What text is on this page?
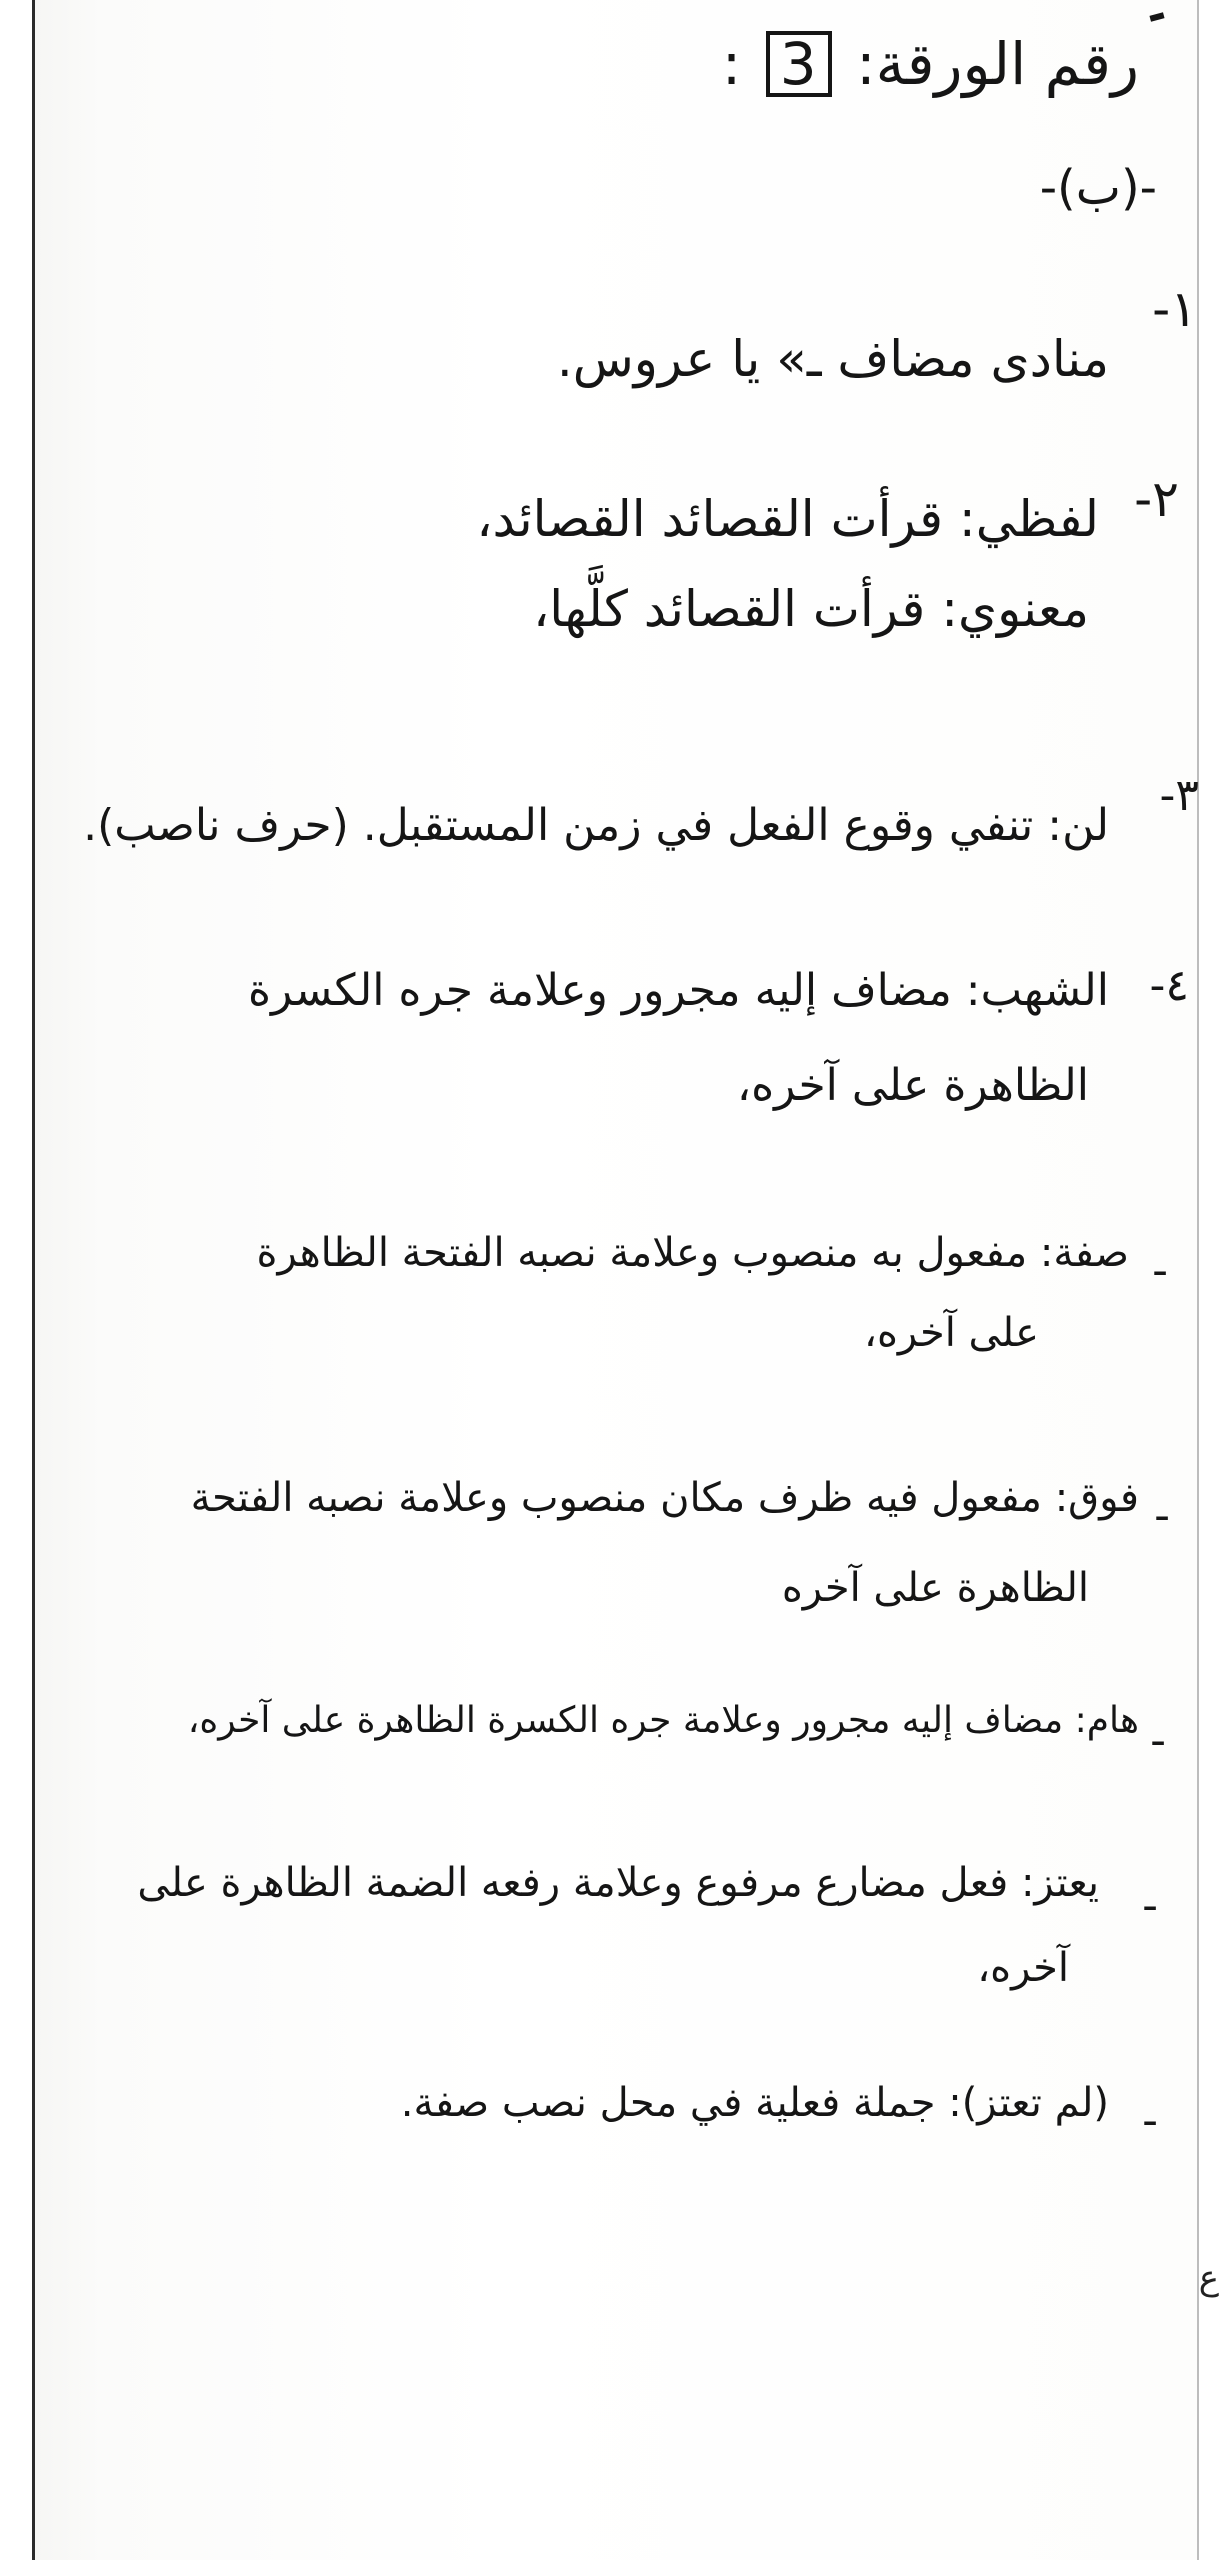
رقم الورقة: 3 :
-(ب)-
١-
منادى مضاف ـ» يا عروس.
٢-
لفظي: قرأت القصائد القصائد،
معنوي: قرأت القصائد كلَّها،
٣-
لن: تنفي وقوع الفعل في زمن المستقبل. (حرف ناصب).
٤-
الشهب: مضاف إليه مجرور وعلامة جره الكسرة
الظاهرة على آخره،
-
صفة: مفعول به منصوب وعلامة نصبه الفتحة الظاهرة
على آخره،
-
فوق: مفعول فيه ظرف مكان منصوب وعلامة نصبه الفتحة
الظاهرة على آخره
-
هام: مضاف إليه مجرور وعلامة جره الكسرة الظاهرة على آخره،
-
يعتز: فعل مضارع مرفوع وعلامة رفعه الضمة الظاهرة على
آخره،
-
(لم تعتز): جملة فعلية في محل نصب صفة.
ع
